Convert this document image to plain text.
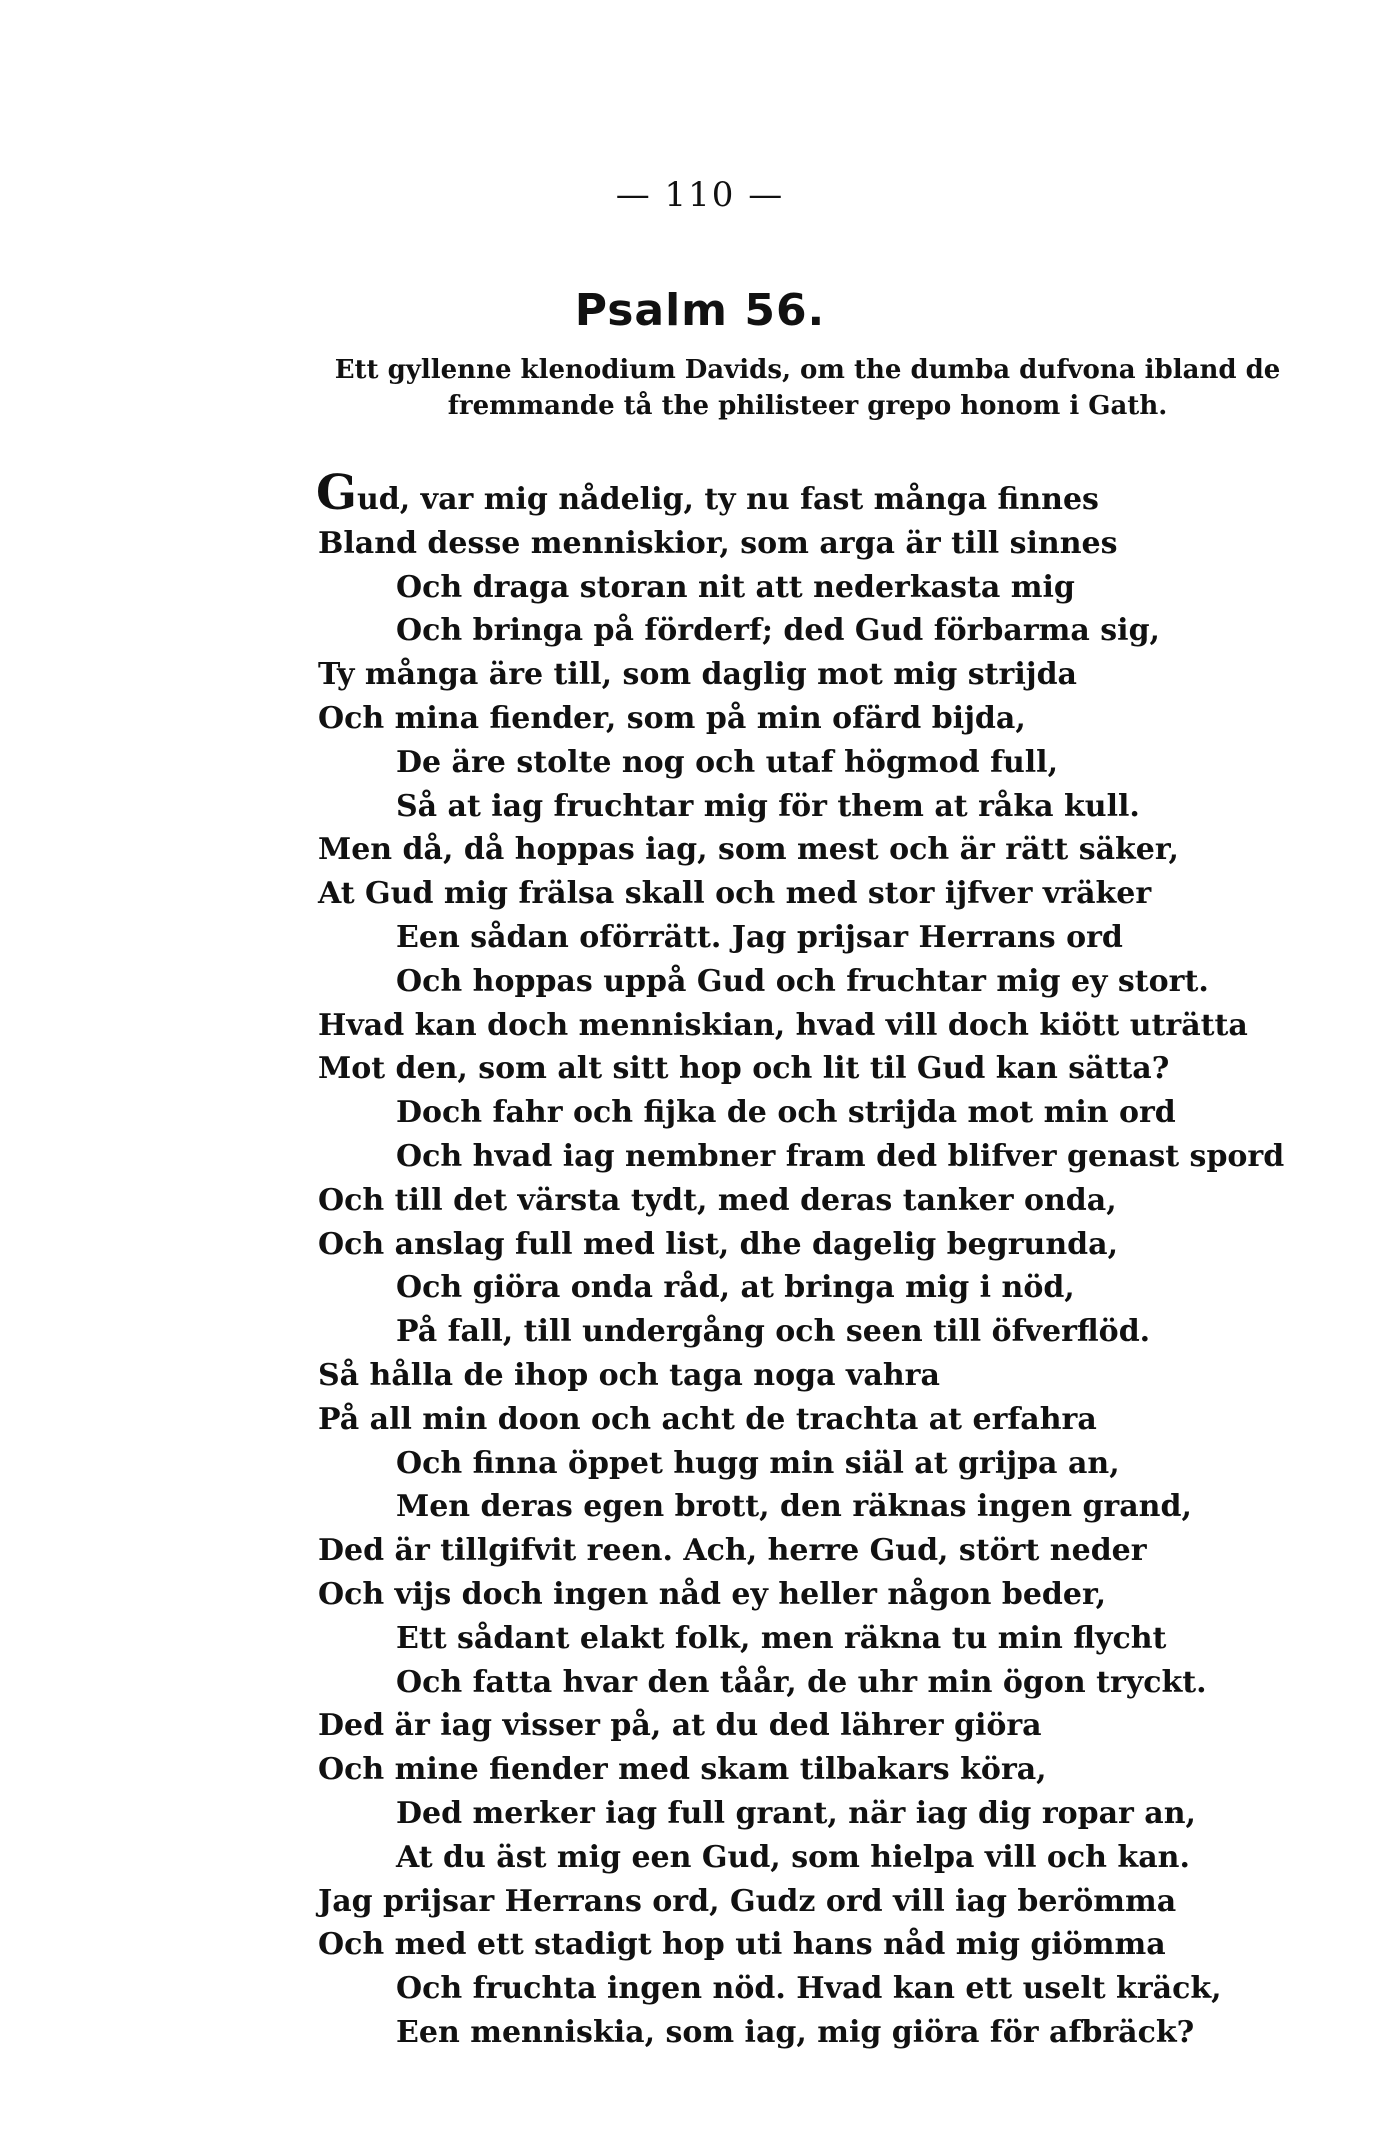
— 110 —
Psalm 56.
Ett gyllenne klenodium Davids, om the dumba dufvona ibland de fremmande tå the philisteer grepo honom i Gath.
Gud, var mig nådelig, ty nu fast många finnes
Bland desse menniskior, som arga är till sinnes
Och draga storan nit att nederkasta mig
Och bringa på förderf; ded Gud förbarma sig,
Ty många äre till, som daglig mot mig strijda
Och mina fiender, som på min ofärd bijda,
De äre stolte nog och utaf högmod full,
Så at iag fruchtar mig för them at råka kull.
Men då, då hoppas iag, som mest och är rätt säker,
At Gud mig frälsa skall och med stor ijfver vräker
Een sådan oförrätt. Jag prijsar Herrans ord
Och hoppas uppå Gud och fruchtar mig ey stort.
Hvad kan doch menniskian, hvad vill doch kiött uträtta
Mot den, som alt sitt hop och lit til Gud kan sätta?
Doch fahr och fijka de och strijda mot min ord
Och hvad iag nembner fram ded blifver genast spord
Och till det värsta tydt, med deras tanker onda,
Och anslag full med list, dhe dagelig begrunda,
Och giöra onda råd, at bringa mig i nöd,
På fall, till undergång och seen till öfverflöd.
Så hålla de ihop och taga noga vahra
På all min doon och acht de trachta at erfahra
Och finna öppet hugg min siäl at grijpa an,
Men deras egen brott, den räknas ingen grand,
Ded är tillgifvit reen. Ach, herre Gud, stört neder
Och vijs doch ingen nåd ey heller någon beder,
Ett sådant elakt folk, men räkna tu min flycht
Och fatta hvar den tåår, de uhr min ögon tryckt.
Ded är iag visser på, at du ded lährer giöra
Och mine fiender med skam tilbakars köra,
Ded merker iag full grant, när iag dig ropar an,
At du äst mig een Gud, som hielpa vill och kan.
Jag prijsar Herrans ord, Gudz ord vill iag berömma
Och med ett stadigt hop uti hans nåd mig giömma
Och fruchta ingen nöd. Hvad kan ett uselt kräck,
Een menniskia, som iag, mig giöra för afbräck?
